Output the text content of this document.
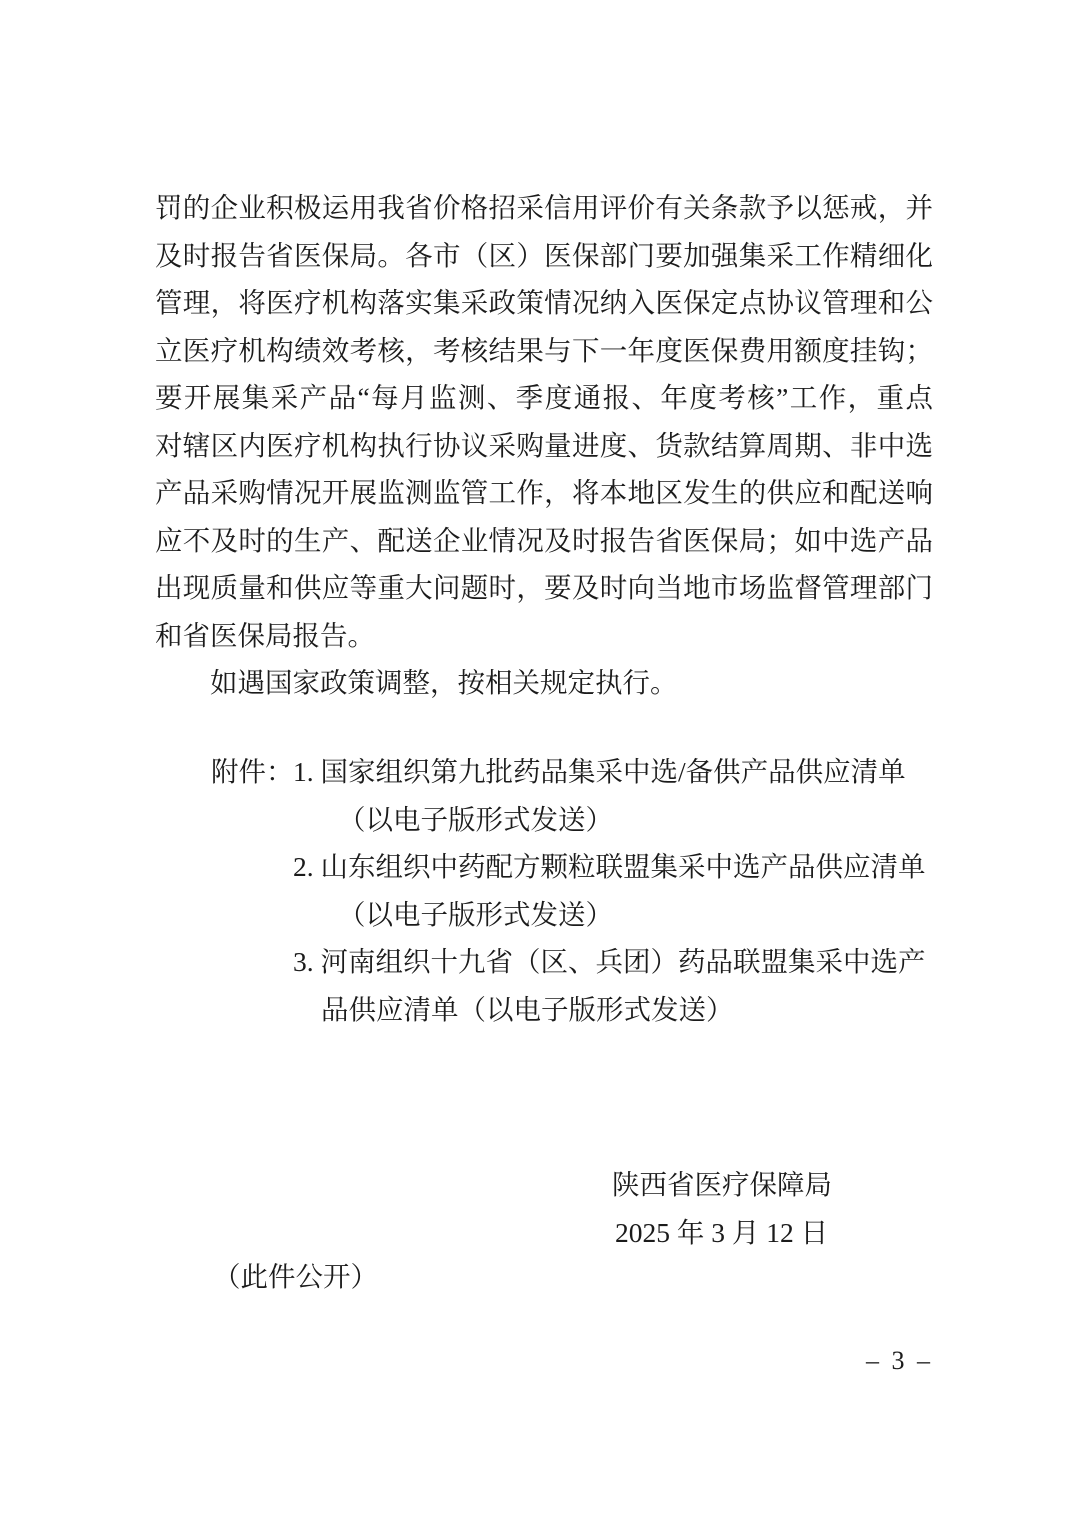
罚的企业积极运用我省价格招采信用评价有关条款予以惩戒，并
及时报告省医保局。各市（区）医保部门要加强集采工作精细化
管理，将医疗机构落实集采政策情况纳入医保定点协议管理和公
立医疗机构绩效考核，考核结果与下一年度医保费用额度挂钩；
要开展集采产品“每月监测、季度通报、年度考核”工作，重点
对辖区内医疗机构执行协议采购量进度、货款结算周期、非中选
产品采购情况开展监测监管工作，将本地区发生的供应和配送响
应不及时的生产、配送企业情况及时报告省医保局；如中选产品
出现质量和供应等重大问题时，要及时向当地市场监督管理部门
和省医保局报告。
如遇国家政策调整，按相关规定执行。
附件： 1. 国家组织第九批药品集采中选/备供产品供应清单
（以电子版形式发送）
2. 山东组织中药配方颗粒联盟集采中选产品供应清单
（以电子版形式发送）
3. 河南组织十九省（区、兵团）药品联盟集采中选产
品供应清单（以电子版形式发送）
陕西省医疗保障局
2025 年 3 月 12 日
（此件公开）
– 3 –
